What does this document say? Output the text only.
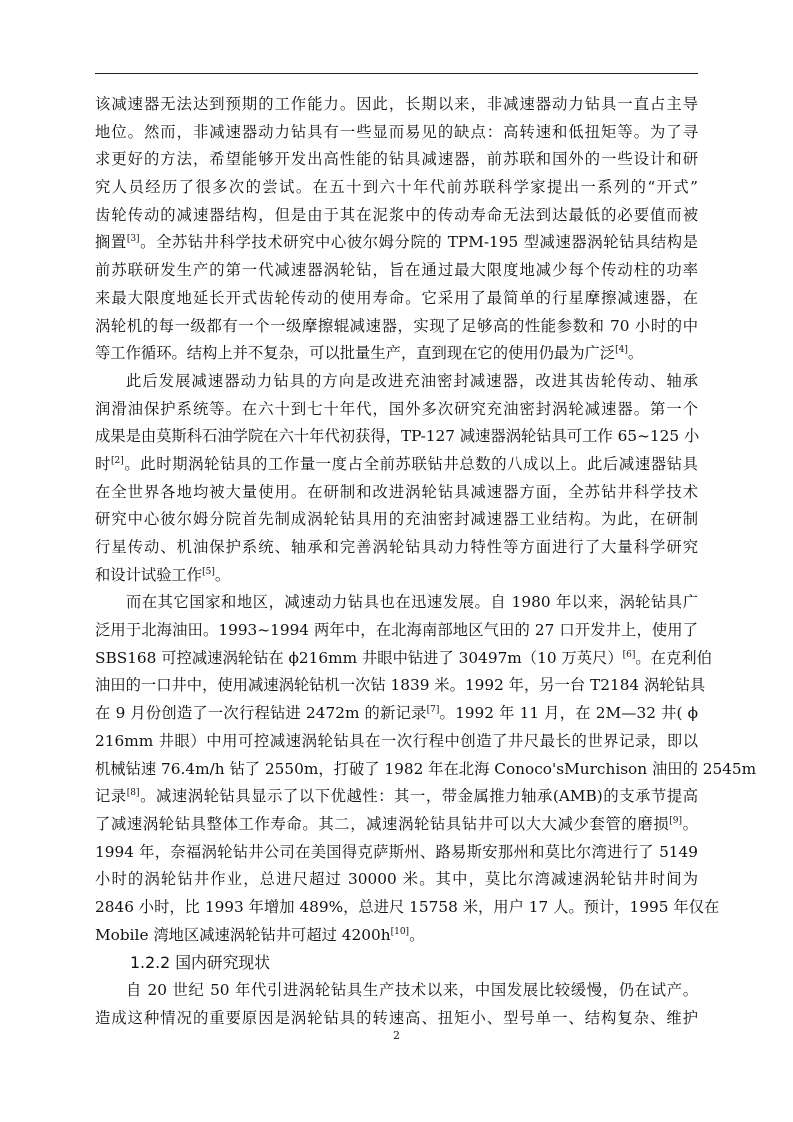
该减速器无法达到预期的工作能力。因此，长期以来，非减速器动力钻具一直占主导
地位。然而，非减速器动力钻具有一些显而易见的缺点：高转速和低扭矩等。为了寻
求更好的方法，希望能够开发出高性能的钻具减速器，前苏联和国外的一些设计和研
究人员经历了很多次的尝试。在五十到六十年代前苏联科学家提出一系列的“开式”
齿轮传动的减速器结构，但是由于其在泥浆中的传动寿命无法到达最低的必要值而被
搁置[3]。全苏钻井科学技术研究中心彼尔姆分院的 TPM-195 型减速器涡轮钻具结构是
前苏联研发生产的第一代减速器涡轮钻，旨在通过最大限度地减少每个传动柱的功率
来最大限度地延长开式齿轮传动的使用寿命。它采用了最简单的行星摩擦减速器，在
涡轮机的每一级都有一个一级摩擦辊减速器，实现了足够高的性能参数和 70 小时的中
等工作循环。结构上并不复杂，可以批量生产，直到现在它的使用仍最为广泛[4]。
此后发展减速器动力钻具的方向是改进充油密封减速器，改进其齿轮传动、轴承
润滑油保护系统等。在六十到七十年代，国外多次研究充油密封涡轮减速器。第一个
成果是由莫斯科石油学院在六十年代初获得，TP-127 减速器涡轮钻具可工作 65~125 小
时[2]。此时期涡轮钻具的工作量一度占全前苏联钻井总数的八成以上。此后减速器钻具
在全世界各地均被大量使用。在研制和改进涡轮钻具减速器方面，全苏钻井科学技术
研究中心彼尔姆分院首先制成涡轮钻具用的充油密封减速器工业结构。为此，在研制
行星传动、机油保护系统、轴承和完善涡轮钻具动力特性等方面进行了大量科学研究
和设计试验工作[5]。
而在其它国家和地区，减速动力钻具也在迅速发展。自 1980 年以来，涡轮钻具广
泛用于北海油田。1993~1994 两年中，在北海南部地区气田的 27 口开发井上，使用了
SBS168 可控减速涡轮钻在 ϕ216mm 井眼中钻进了 30497m（10 万英尺）[6]。在克利伯
油田的一口井中，使用减速涡轮钻机一次钻 1839 米。1992 年，另一台 T2184 涡轮钻具
在 9 月份创造了一次行程钻进 2472m 的新记录[7]。1992 年 11 月，在 2M—32 井( ϕ
216mm 井眼）中用可控减速涡轮钻具在一次行程中创造了井尺最长的世界记录，即以
机械钻速 76.4m/h 钻了 2550m，打破了 1982 年在北海 Conoco'sMurchison 油田的 2545m
记录[8]。减速涡轮钻具显示了以下优越性：其一，带金属推力轴承(AMB)的支承节提高
了减速涡轮钻具整体工作寿命。其二，减速涡轮钻具钻井可以大大减少套管的磨损[9]。
1994 年，奈福涡轮钻井公司在美国得克萨斯州、路易斯安那州和莫比尔湾进行了 5149
小时的涡轮钻井作业，总进尺超过 30000 米。其中，莫比尔湾减速涡轮钻井时间为
2846 小时，比 1993 年增加 489%，总进尺 15758 米，用户 17 人。预计，1995 年仅在
Mobile 湾地区减速涡轮钻井可超过 4200h[10]。
1.2.2 国内研究现状
自 20 世纪 50 年代引进涡轮钻具生产技术以来，中国发展比较缓慢，仍在试产。
造成这种情况的重要原因是涡轮钻具的转速高、扭矩小、型号单一、结构复杂、维护
2
